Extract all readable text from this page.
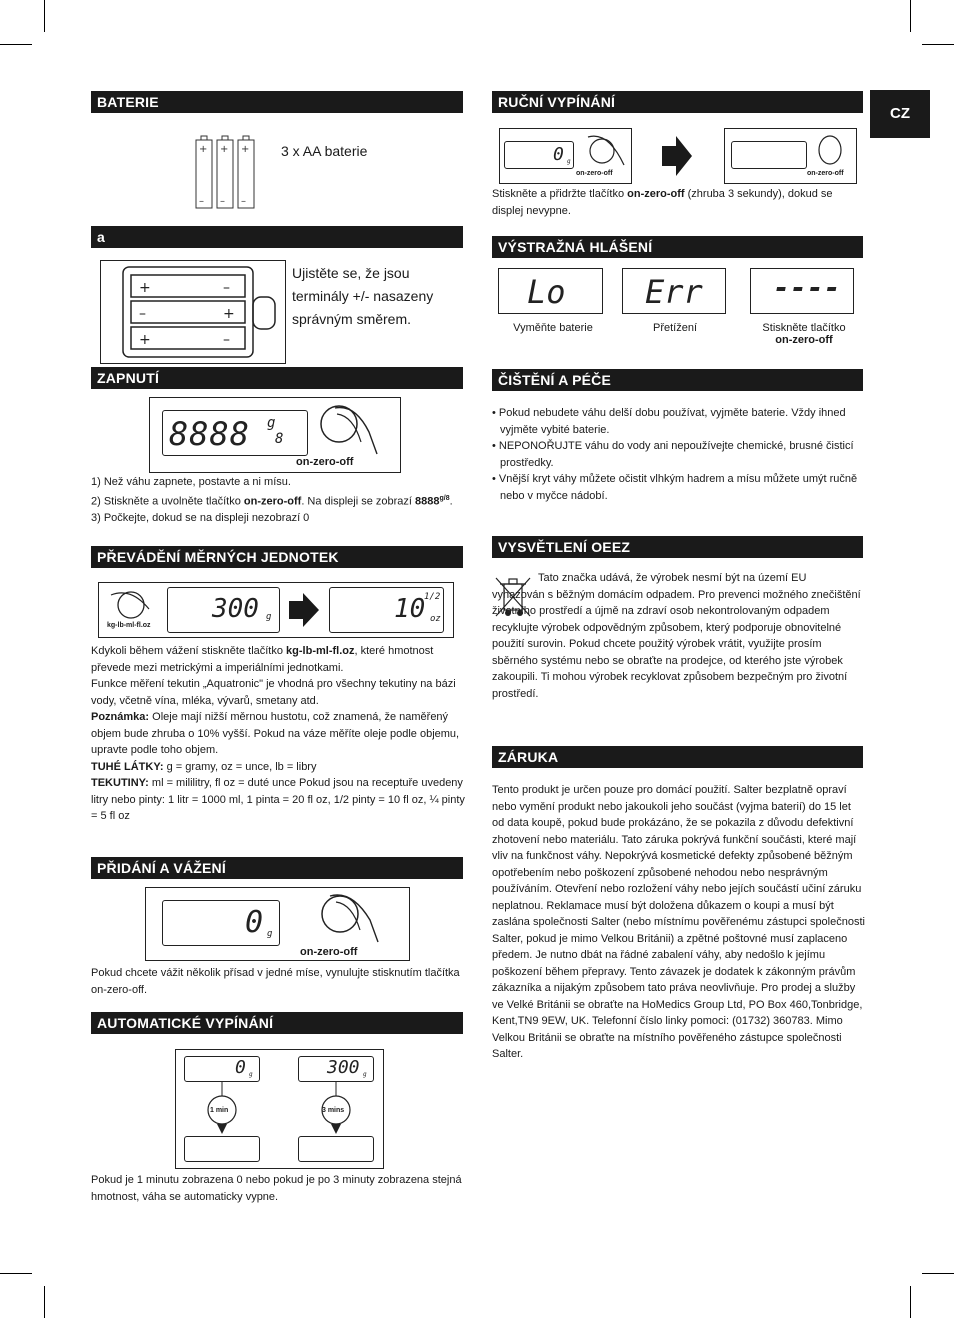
CZ
BATERIE
+ + +
– – –
3 x AA baterie
a
+	–
–	+
+	–
Ujistěte se, že jsou terminály +/- nasazeny správným směrem.
ZAPNUTÍ
8888 g
8
on-zero-off
1) Než váhu zapnete, postavte a ni mísu.
2) Stiskněte a uvolněte tlačítko on-zero-off. Na displeji se zobrazí $8888^{g/8}$.
3) Počkejte, dokud se na displeji nezobrazí 0
PŘEVÁDĚNÍ MĚRNÝCH JEDNOTEK
kg-lb-ml-fl.oz
300 g	10
1/2
oz
Kdykoli během vážení stiskněte tlačítko kg-lb-ml-fl.oz, které hmotnost převede mezi metrickými a imperiálními jednotkami.
Funkce měření tekutin „Aquatronic" je vhodná pro všechny tekutiny na bázi vody, včetně vína, mléka, vývarů, smetany atd.
Poznámka: Oleje mají nižší měrnou hustotu, což znamená, že naměřený objem bude zhruba o 10% vyšší. Pokud na váze měříte oleje podle objemu, upravte podle toho objem.
TUHÉ LÁTKY: g = gramy, oz = unce, lb = libry
TEKUTINY: ml = mililitry, fl oz = duté unce Pokud jsou na receptuře uvedeny litry nebo pinty: 1 litr = 1000 ml, 1 pinta = 20 fl oz, 1/2 pinty = 10 fl oz, ¼ pinty = 5 fl oz
PŘIDÁNÍ A VÁŽENÍ
0 g
on-zero-off
Pokud chcete vážit několik přísad v jedné míse, vynulujte stisknutím tlačítka on-zero-off.
AUTOMATICKÉ VYPÍNÁNÍ
0 g	300 g
1 min	3 mins
Pokud je 1 minutu zobrazena 0 nebo pokud je po 3 minuty zobrazena stejná hmotnost, váha se automaticky vypne.
RUČNÍ VYPÍNÁNÍ
0 g
on-zero-off	on-zero-off
Stiskněte a přidržte tlačítko on-zero-off (zhruba 3 sekundy), dokud se displej nevypne.
VÝSTRAŽNÁ HLÁŠENÍ
Lo Err	----
Vyměňte baterie	Přetížení	Stiskněte tlačítko
on-zero-off
ČIŠTĚNÍ A PÉČE
• Pokud nebudete váhu delší dobu používat, vyjměte baterie. Vždy ihned vyjměte vybité baterie.
• NEPONOŘUJTE váhu do vody ani nepoužívejte chemické, brusné čisticí prostředky.
• Vnější kryt váhy můžete očistit vlhkým hadrem a mísu můžete umýt ručně nebo v myčce nádobí.
VYSVĚTLENÍ OEEZ
Tato značka udává, že výrobek nesmí být na území EU vyhazován s běžným domácím odpadem. Pro prevenci možného znečištění životního prostředí a újmě na zdraví osob nekontrolovaným odpadem recyklujte výrobek odpovědným způsobem, který podporuje obnovitelné použití surovin. Pokud chcete použitý výrobek vrátit, využijte prosím sběrného systému nebo se obraťte na prodejce, od kterého jste výrobek zakoupili. Ti mohou výrobek recyklovat způsobem bezpečným pro životní prostředí.
ZÁRUKA
Tento produkt je určen pouze pro domácí použití. Salter bezplatně opraví nebo vymění produkt nebo jakoukoli jeho součást (vyjma baterií) do 15 let od data koupě, pokud bude prokázáno, že se pokazila z důvodu defektivní zhotovení nebo materiálu. Tato záruka pokrývá funkční součásti, které mají vliv na funkčnost váhy. Nepokrývá kosmetické defekty způsobené běžným opotřebením nebo poškození způsobené nehodou nebo nesprávným používáním. Otevření nebo rozložení váhy nebo jejích součástí učiní záruku neplatnou. Reklamace musí být doložena důkazem o koupi a musí být zaslána společnosti Salter (nebo místnímu pověřenému zástupci společnosti Salter, pokud je mimo Velkou Británii) a zpětné poštovné musí zaplaceno předem. Je nutno dbát na řádné zabalení váhy, aby nedošlo k jejímu poškození během přepravy. Tento závazek je dodatek k zákonným právům zákazníka a nijakým způsobem tato práva neovlivňuje. Pro prodej a služby ve Velké Británii se obraťte na HoMedics Group Ltd, PO Box 460,Tonbridge, Kent,TN9 9EW, UK. Telefonní číslo linky pomoci: (01732) 360783. Mimo Velkou Británii se obraťte na místního pověřeného zástupce společnosti Salter.
